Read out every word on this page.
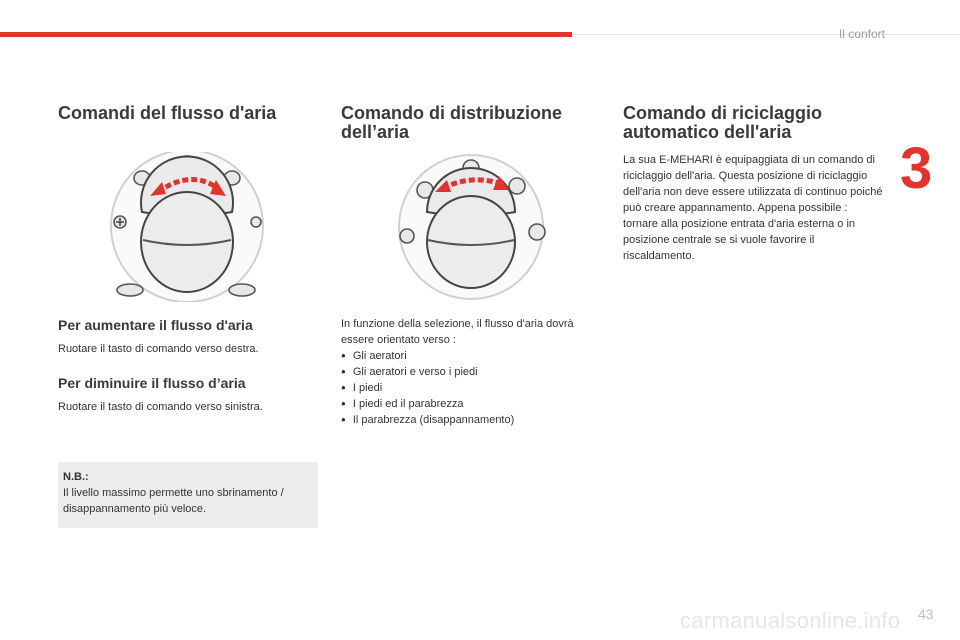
Il confort
3
Comandi del flusso d'aria
Per aumentare il flusso d'aria

Ruotare il tasto di comando verso destra.

Per diminuire il flusso d’aria

Ruotare il tasto di comando verso sinistra.

N.B.:
Il livello massimo permette uno sbrinamento / disappannamento più veloce.
Comando di distribuzione
dell’aria

In funzione della selezione, il flusso d'aria dovrà essere orientato verso :

● Gli aeratori
● Gli aeratori e verso i piedi
● I piedi
● I piedi ed il parabrezza
● Il parabrezza (disappannamento)
Comando di riciclaggio
automatico dell'aria

La sua E-MEHARI è equipaggiata di un comando di riciclaggio dell'aria. Questa posizione di riciclaggio dell'aria non deve essere utilizzata di continuo poiché può creare appannamento. Appena possibile : tornare alla posizione entrata d'aria esterna o in posizione centrale se si vuole favorire il riscaldamento.

carmanualsonline.info 43
